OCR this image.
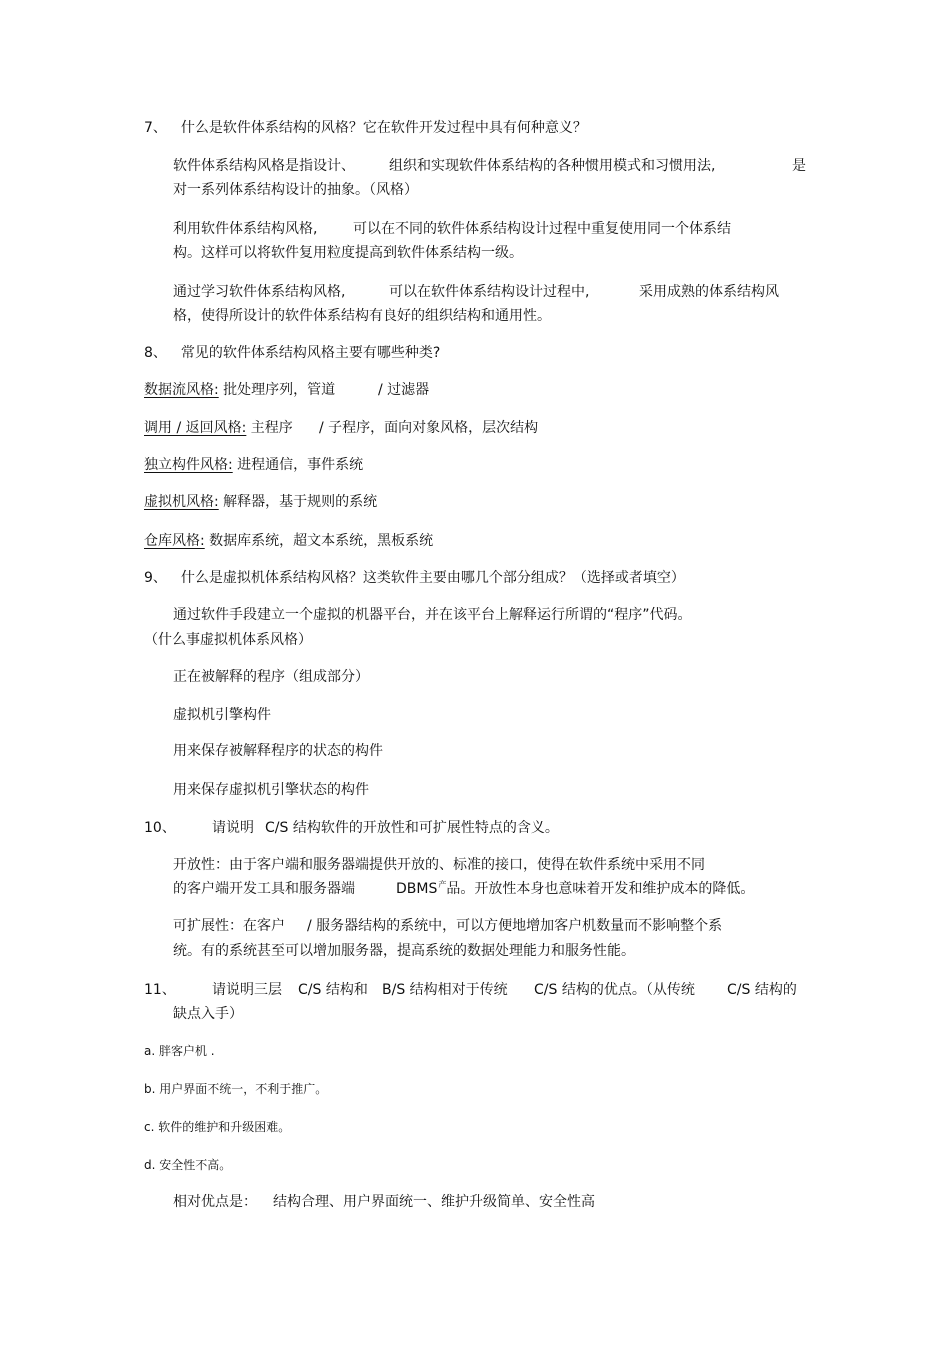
7、 什么是软件体系结构的风格？它在软件开发过程中具有何种意义？
软件体系结构风格是指设计、 组织和实现软件体系结构的各种惯用模式和习惯用法,	是
对一系列体系结构设计的抽象。（风格）
利用软件体系结构风格,	可以在不同的软件体系结构设计过程中重复使用同一个体系结
构。这样可以将软件复用粒度提高到软件体系结构一级。
通过学习软件体系结构风格,	可以在软件体系结构设计过程中,	采用成熟的体系结构风
格，使得所设计的软件体系结构有良好的组织结构和通用性。
8、 常见的软件体系结构风格主要有哪些种类?
数据流风格: 批处理序列，管道	/ 过滤器
调用 / 返回风格: 主程序 / 子程序，面向对象风格，层次结构
独立构件风格: 进程通信，事件系统
虚拟机风格: 解释器，基于规则的系统
仓库风格: 数据库系统，超文本系统，黑板系统
9、 什么是虚拟机体系结构风格？这类软件主要由哪几个部分组成？（选择或者填空）
通过软件手段建立一个虚拟的机器平台，并在该平台上解释运行所谓的“程序”代码。
（什么事虚拟机体系风格）
正在被解释的程序（组成部分）
虚拟机引擎构件
用来保存被解释程序的状态的构件
用来保存虚拟机引擎状态的构件
10、	请说明 C/S 结构软件的开放性和可扩展性特点的含义。
开放性：由于客户端和服务器端提供开放的、标准的接口，使得在软件系统中采用不同
的客户端开发工具和服务器端	$DBMS^产$品。开放性本身也意味着开发和维护成本的降低。
可扩展性：在客户 / 服务器结构的系统中，可以方便地增加客户机数量而不影响整个系
统。有的系统甚至可以增加服务器，提高系统的数据处理能力和服务性能。
11、	请说明三层 C/S 结构和 B/S 结构相对于传统 C/S 结构的优点。（从传统 C/S 结构的
缺点入手）
a. 胖客户机 .
b. 用户界面不统一，不利于推广。
c. 软件的维护和升级困难。
d. 安全性不高。
相对优点是： 结构合理、用户界面统一、维护升级简单、安全性高
